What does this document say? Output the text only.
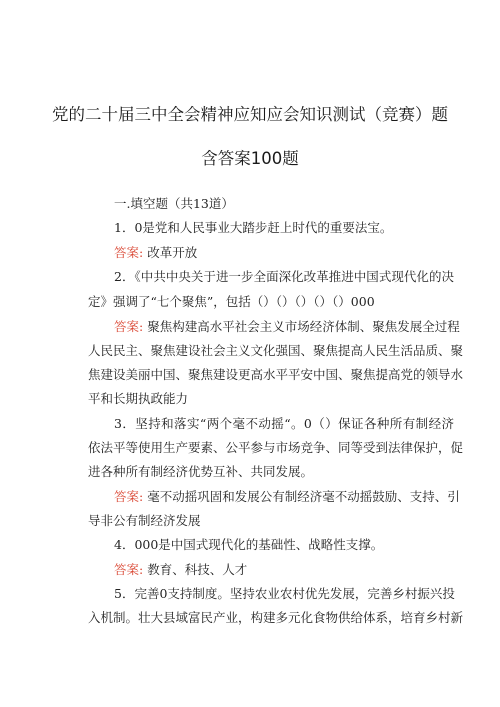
党的二十届三中全会精神应知应会知识测试（竞赛）题
含答案100题
一.填空题（共13道）
1．0是党和人民事业大踏步赶上时代的重要法宝。
答案: 改革开放
2．《中共中央关于进一步全面深化改革推进中国式现代化的决
定》强调了“七个聚焦”，包括（）（）（）（）（）000
答案: 聚焦构建高水平社会主义市场经济体制、聚焦发展全过程
人民民主、聚焦建设社会主义文化强国、聚焦提高人民生活品质、聚
焦建设美丽中国、聚焦建设更高水平平安中国、聚焦提高党的领导水
平和长期执政能力
3．坚持和落实“两个毫不动摇“。0（）保证各种所有制经济
依法平等使用生产要素、公平参与市场竞争、同等受到法律保护，促
进各种所有制经济优势互补、共同发展。
答案: 毫不动摇巩固和发展公有制经济毫不动摇鼓励、支持、引
导非公有制经济发展
4．000是中国式现代化的基础性、战略性支撑。
答案: 教育、科技、人才
5．完善0支持制度。坚持农业农村优先发展，完善乡村振兴投
入机制。壮大县域富民产业，构建多元化食物供给体系，培育乡村新
